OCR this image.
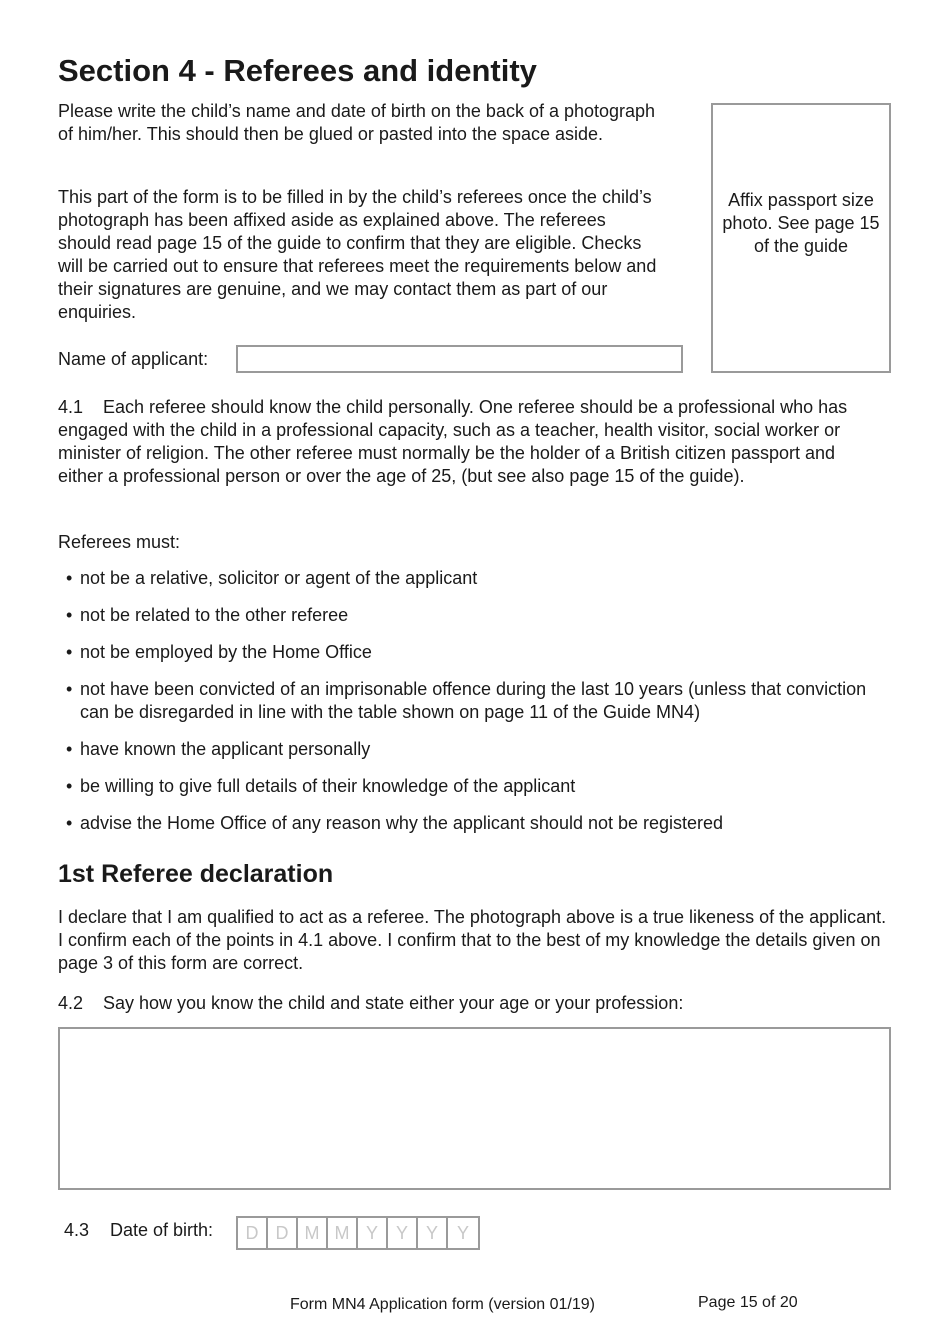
Section 4 - Referees and identity

Please write the child’s name and date of birth on the back of a photograph of him/her. This should then be glued or pasted into the space aside.

This part of the form is to be filled in by the child’s referees once the child’s photograph has been affixed aside as explained above. The referees should read page 15 of the guide to confirm that they are eligible. Checks will be carried out to ensure that referees meet the requirements below and their signatures are genuine, and we may contact them as part of our enquiries.

Affix passport size photo. See page 15 of the guide
Name of applicant:

4.1 Each referee should know the child personally. One referee should be a professional who has engaged with the child in a professional capacity, such as a teacher, health visitor, social worker or minister of religion. The other referee must normally be the holder of a British citizen passport and either a professional person or over the age of 25, (but see also page 15 of the guide).

Referees must:

• not be a relative, solicitor or agent of the applicant
• not be related to the other referee
• not be employed by the Home Office
• not have been convicted of an imprisonable offence during the last 10 years (unless that conviction can be disregarded in line with the table shown on page 11 of the Guide MN4)
• have known the applicant personally
• be willing to give full details of their knowledge of the applicant
• advise the Home Office of any reason why the applicant should not be registered
1st Referee declaration

I declare that I am qualified to act as a referee. The photograph above is a true likeness of the applicant. I confirm each of the points in 4.1 above. I confirm that to the best of my knowledge the details given on page 3 of this form are correct.

4.2 Say how you know the child and state either your age or your profession:

4.3 Date of birth:	D D M M Y Y Y	Y
Form MN4 Application form (version 01/19)	Page 15 of 20
